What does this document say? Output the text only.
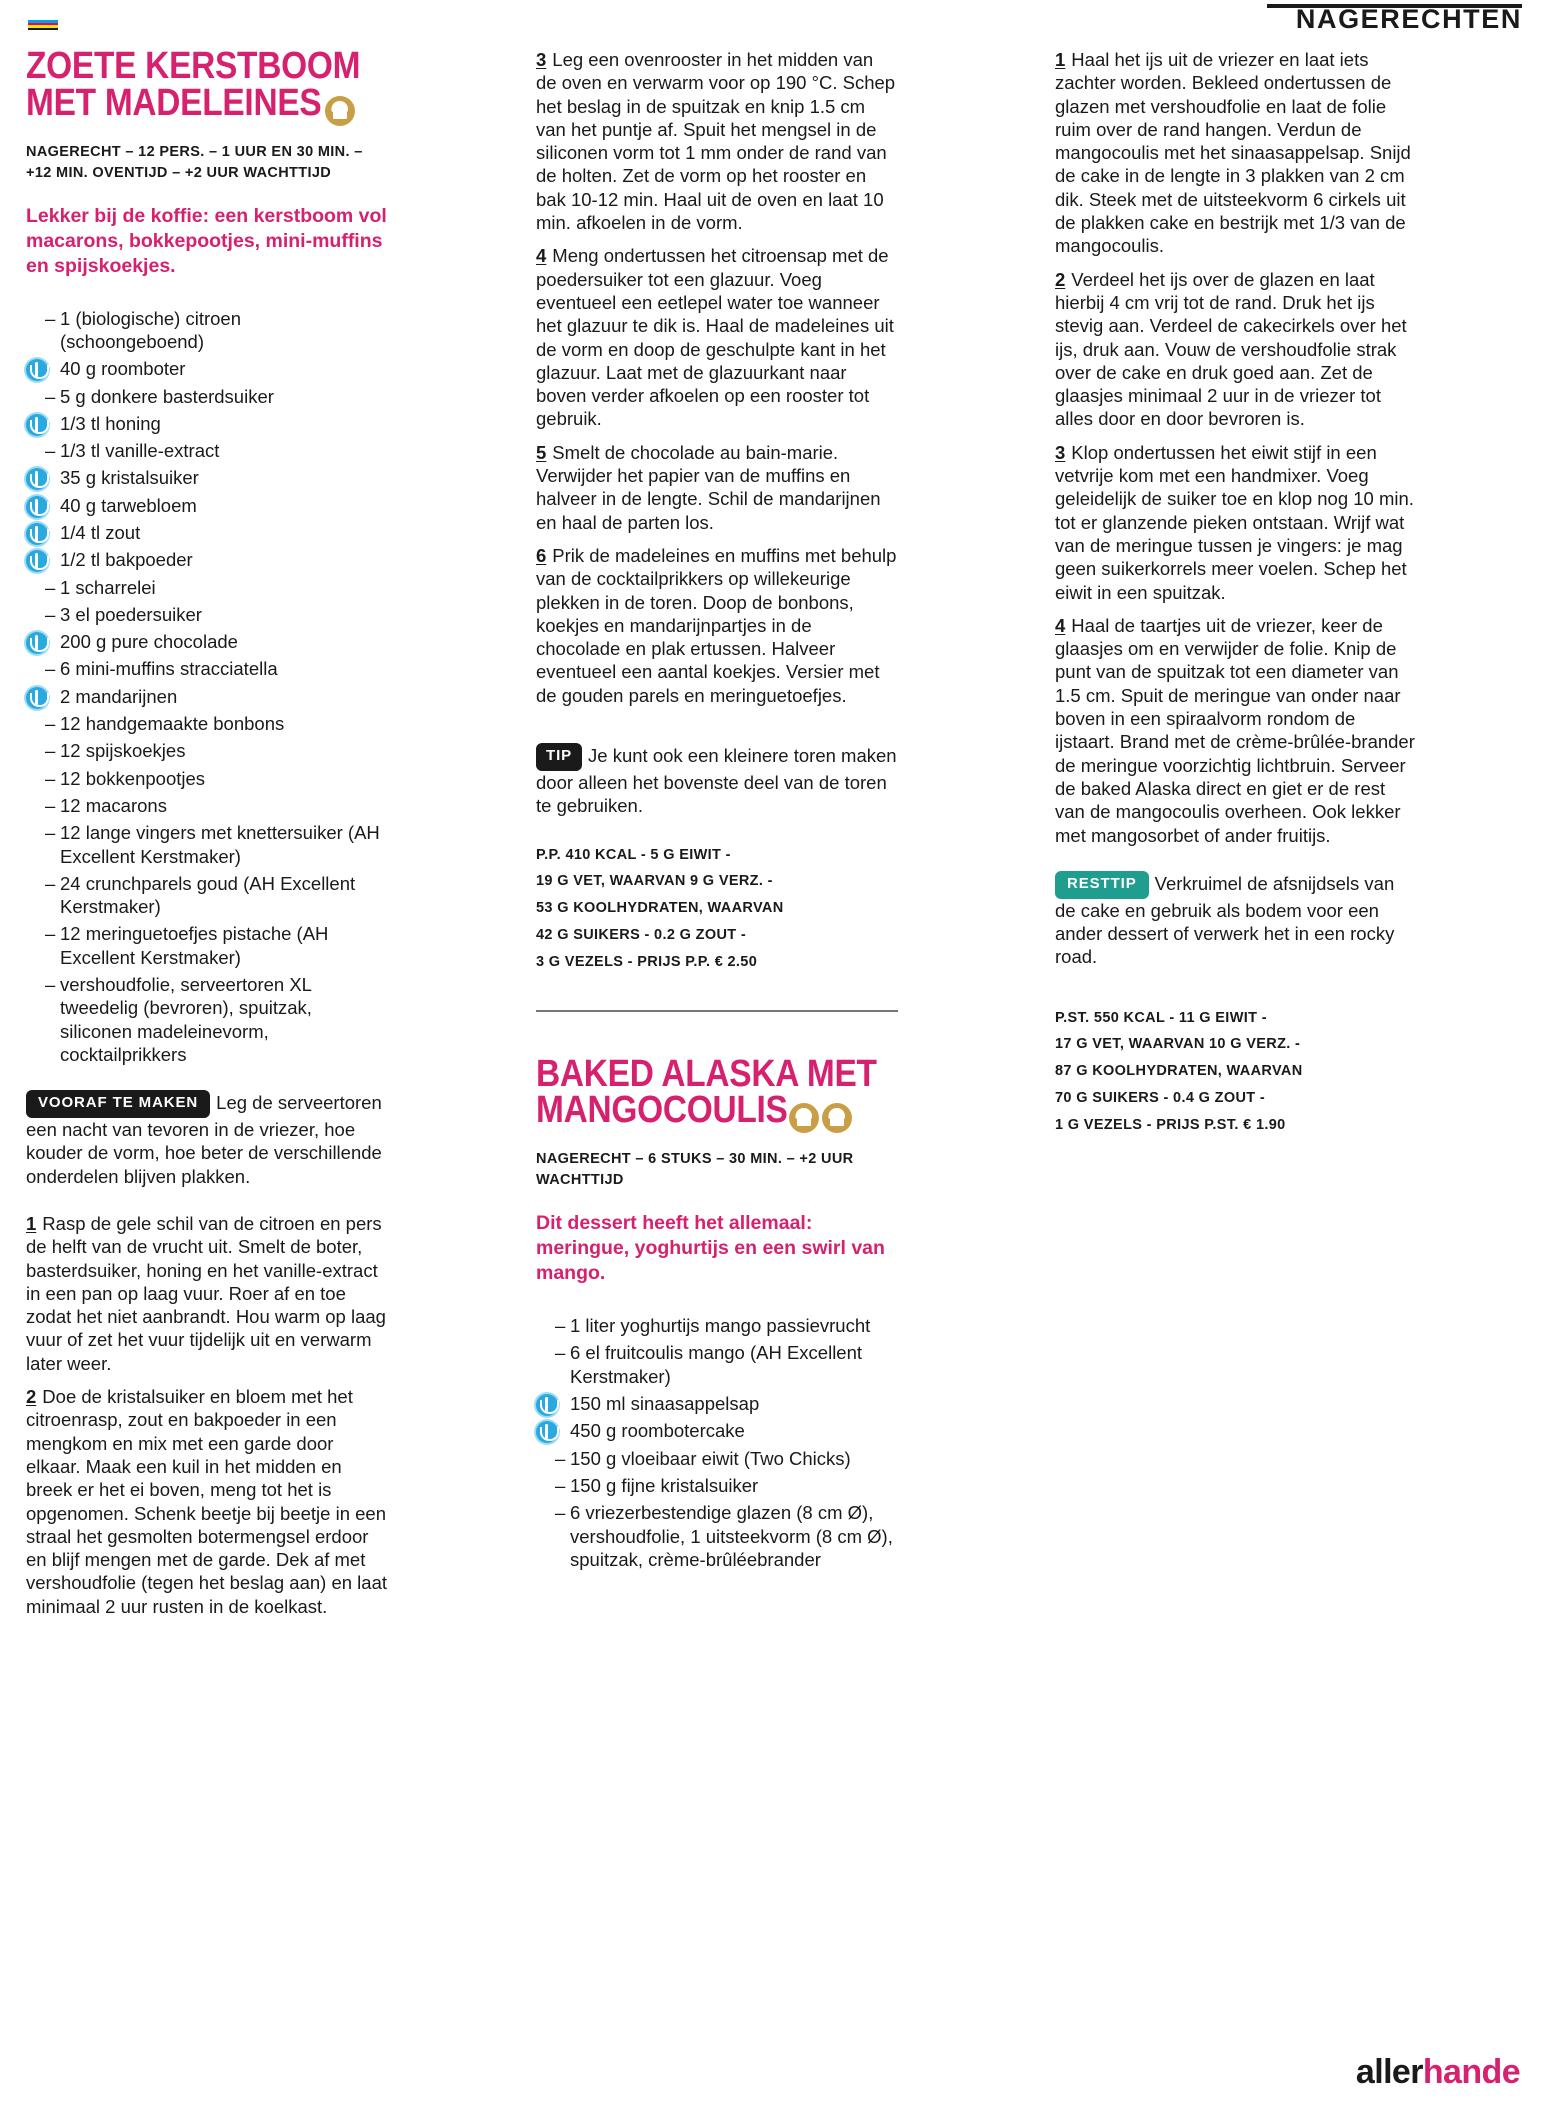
NAGERECHTEN
ZOETE KERSTBOOM MET MADELEINES
NAGERECHT – 12 PERS. – 1 UUR EN 30 MIN. – +12 MIN. OVENTIJD – +2 UUR WACHTTIJD
Lekker bij de koffie: een kerstboom vol macarons, bokkepootjes, mini-muffins en spijskoekjes.
– 1 (biologische) citroen (schoongeboend)
40 g roomboter
– 5 g donkere basterdsuiker
1/3 tl honing
– 1/3 tl vanille-extract
35 g kristalsuiker
40 g tarwebloem
1/4 tl zout
1/2 tl bakpoeder
– 1 scharrelei
– 3 el poedersuiker
200 g pure chocolade
– 6 mini-muffins stracciatella
2 mandarijnen
– 12 handgemaakte bonbons
– 12 spijskoekjes
– 12 bokkenpootjes
– 12 macarons
– 12 lange vingers met knettersuiker (AH Excellent Kerstmaker)
– 24 crunchparels goud (AH Excellent Kerstmaker)
– 12 meringuetoefjes pistache (AH Excellent Kerstmaker)
– vershoudfolie, serveertoren XL tweedelig (bevroren), spuitzak, siliconen madeleinevorm, cocktailprikkers

VOORAF TE MAKEN Leg de serveertoren een nacht van tevoren in de vriezer, hoe kouder de vorm, hoe beter de verschillende onderdelen blijven plakken.

1 Rasp de gele schil van de citroen en pers de helft van de vrucht uit. Smelt de boter, basterdsuiker, honing en het vanille-extract in een pan op laag vuur. Roer af en toe zodat het niet aanbrandt. Hou warm op laag vuur of zet het vuur tijdelijk uit en verwarm later weer.

2 Doe de kristalsuiker en bloem met het citroenrasp, zout en bakpoeder in een mengkom en mix met een garde door elkaar. Maak een kuil in het midden en breek er het ei boven, meng tot het is opgenomen. Schenk beetje bij beetje in een straal het gesmolten botermengsel erdoor en blijf mengen met de garde. Dek af met vershoudfolie (tegen het beslag aan) en laat minimaal 2 uur rusten in de koelkast.

3 Leg een ovenrooster in het midden van de oven en verwarm voor op 190 °C. Schep het beslag in de spuitzak en knip 1.5 cm van het puntje af. Spuit het mengsel in de siliconen vorm tot 1 mm onder de rand van de holten. Zet de vorm op het rooster en bak 10-12 min. Haal uit de oven en laat 10 min. afkoelen in de vorm.

4 Meng ondertussen het citroensap met de poedersuiker tot een glazuur. Voeg eventueel een eetlepel water toe wanneer het glazuur te dik is. Haal de madeleines uit de vorm en doop de geschulpte kant in het glazuur. Laat met de glazuurkant naar boven verder afkoelen op een rooster tot gebruik.

5 Smelt de chocolade au bain-marie. Verwijder het papier van de muffins en halveer in de lengte. Schil de mandarijnen en haal de parten los.

6 Prik de madeleines en muffins met behulp van de cocktailprikkers op willekeurige plekken in de toren. Doop de bonbons, koekjes en mandarijnpartjes in de chocolade en plak ertussen. Halveer eventueel een aantal koekjes. Versier met de gouden parels en meringuetoefjes.

TIP Je kunt ook een kleinere toren maken door alleen het bovenste deel van de toren te gebruiken.

P.P. 410 KCAL - 5 G EIWIT -
19 G VET, WAARVAN 9 G VERZ. -
53 G KOOLHYDRATEN, WAARVAN
42 G SUIKERS - 0.2 G ZOUT -
3 G VEZELS - PRIJS P.P. € 2.50
BAKED ALASKA MET MANGOCOULIS
NAGERECHT – 6 STUKS – 30 MIN. – +2 UUR WACHTTIJD
Dit dessert heeft het allemaal: meringue, yoghurtijs en een swirl van mango.
– 1 liter yoghurtijs mango passievrucht
– 6 el fruitcoulis mango (AH Excellent Kerstmaker)
150 ml sinaasappelsap
450 g roombotercake
– 150 g vloeibaar eiwit (Two Chicks)
– 150 g fijne kristalsuiker
– 6 vriezerbestendige glazen (8 cm Ø), vershoudfolie, 1 uitsteekvorm (8 cm Ø), spuitzak, crème-brûléebrander

1 Haal het ijs uit de vriezer en laat iets zachter worden. Bekleed ondertussen de glazen met vershoudfolie en laat de folie ruim over de rand hangen. Verdun de mangocoulis met het sinaasappelsap. Snijd de cake in de lengte in 3 plakken van 2 cm dik. Steek met de uitsteekvorm 6 cirkels uit de plakken cake en bestrijk met 1/3 van de mangocoulis.

2 Verdeel het ijs over de glazen en laat hierbij 4 cm vrij tot de rand. Druk het ijs stevig aan. Verdeel de cakecirkels over het ijs, druk aan. Vouw de vershoudfolie strak over de cake en druk goed aan. Zet de glaasjes minimaal 2 uur in de vriezer tot alles door en door bevroren is.

3 Klop ondertussen het eiwit stijf in een vetvrije kom met een handmixer. Voeg geleidelijk de suiker toe en klop nog 10 min. tot er glanzende pieken ontstaan. Wrijf wat van de meringue tussen je vingers: je mag geen suikerkorrels meer voelen. Schep het eiwit in een spuitzak.

4 Haal de taartjes uit de vriezer, keer de glaasjes om en verwijder de folie. Knip de punt van de spuitzak tot een diameter van 1.5 cm. Spuit de meringue van onder naar boven in een spiraalvorm rondom de ijstaart. Brand met de crème-brûlée-brander de meringue voorzichtig lichtbruin. Serveer de baked Alaska direct en giet er de rest van de mangocoulis overheen. Ook lekker met mangosorbet of ander fruitijs.

RESTTIP Verkruimel de afsnijdsels van de cake en gebruik als bodem voor een ander dessert of verwerk het in een rocky road.

P.ST. 550 KCAL - 11 G EIWIT -
17 G VET, WAARVAN 10 G VERZ. -
87 G KOOLHYDRATEN, WAARVAN
70 G SUIKERS - 0.4 G ZOUT -
1 G VEZELS - PRIJS P.ST. € 1.90
allerhande
